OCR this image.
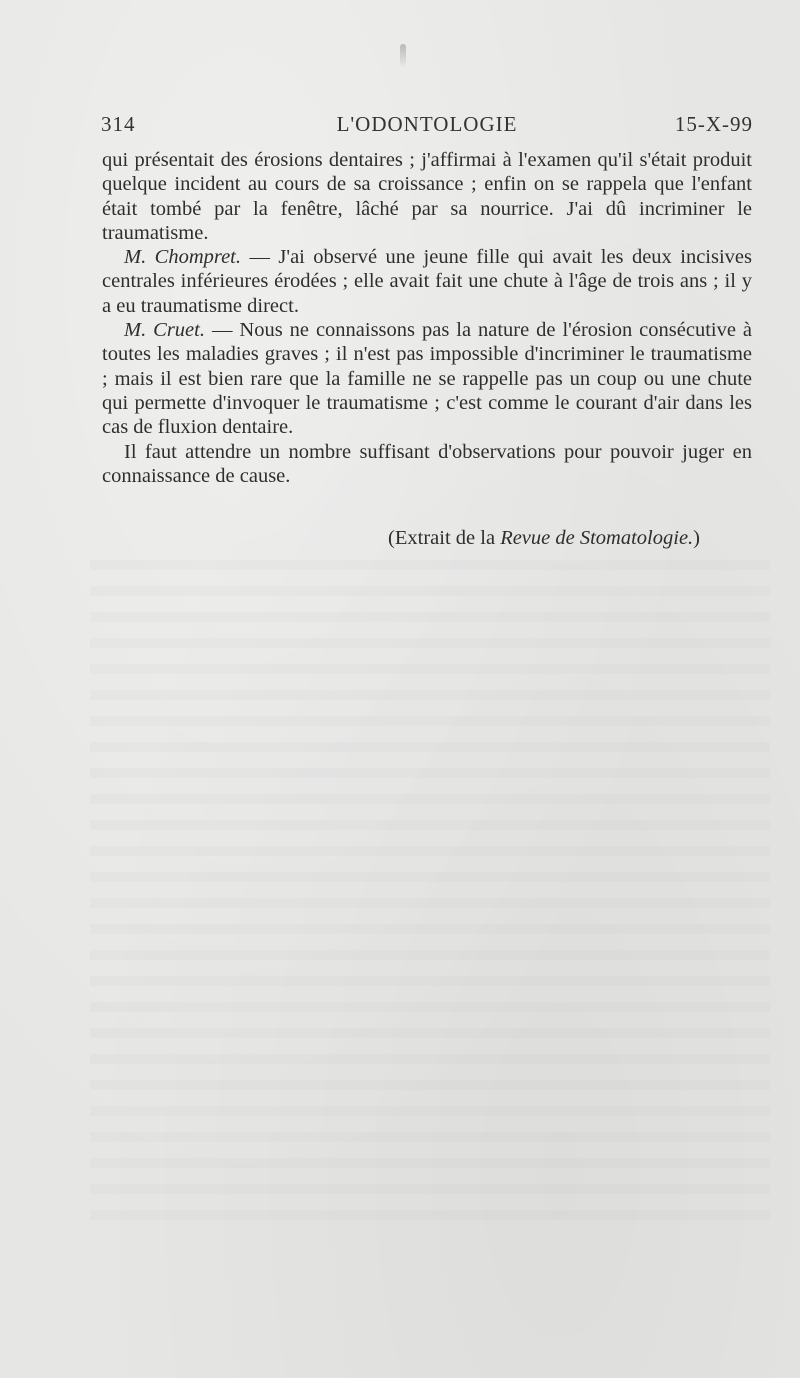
314	L'ODONTOLOGIE	15-X-99

qui présentait des érosions dentaires ; j'affirmai à l'examen qu'il s'était produit quelque incident au cours de sa croissance ; enfin on se rappela que l'enfant était tombé par la fenêtre, lâché par sa nourrice. J'ai dû incriminer le traumatisme.

M. Chompret. — J'ai observé une jeune fille qui avait les deux incisives centrales inférieures érodées ; elle avait fait une chute à l'âge de trois ans ; il y a eu traumatisme direct.

M. Cruet. — Nous ne connaissons pas la nature de l'érosion consécutive à toutes les maladies graves ; il n'est pas impossible d'incriminer le traumatisme ; mais il est bien rare que la famille ne se rappelle pas un coup ou une chute qui permette d'invoquer le traumatisme ; c'est comme le courant d'air dans les cas de fluxion dentaire.

Il faut attendre un nombre suffisant d'observations pour pouvoir juger en connaissance de cause.

(Extrait de la Revue de Stomatologie.)
